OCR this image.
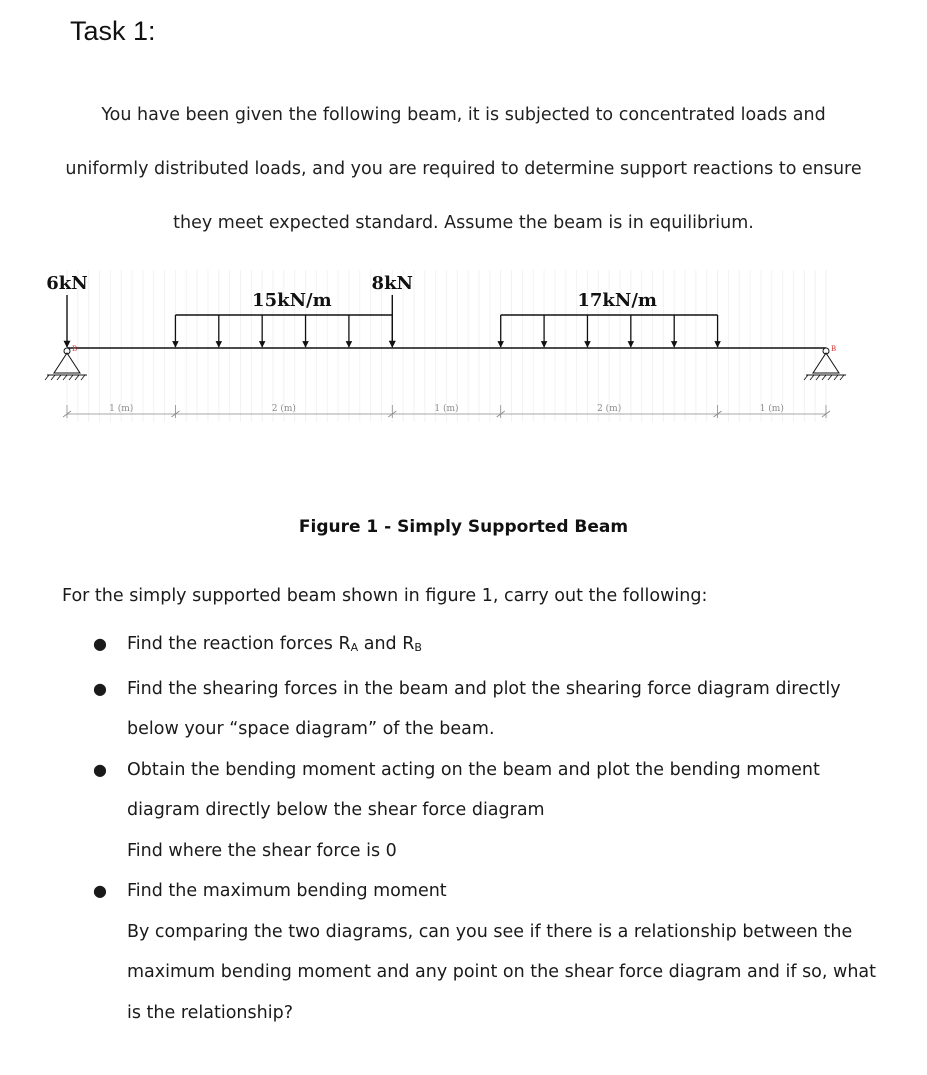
Task 1:
You have been given the following beam, it is subjected to concentrated loads and
uniformly distributed loads, and you are required to determine support reactions to ensure
they meet expected standard. Assume the beam is in equilibrium.
15kN/m	17kN/m
6kN	8kN
B	B
1 (m)	2 (m)	1 (m)	2 (m)	1 (m)
Figure 1 - Simply Supported Beam
For the simply supported beam shown in figure 1, carry out the following:
● Find the reaction forces $R_A$ and $R_B$
● Find the shearing forces in the beam and plot the shearing force diagram directly
below your “space diagram” of the beam.
● Obtain the bending moment acting on the beam and plot the bending moment
diagram directly below the shear force diagram
Find where the shear force is 0
● Find the maximum bending moment
By comparing the two diagrams, can you see if there is a relationship between the
maximum bending moment and any point on the shear force diagram and if so, what
is the relationship?
